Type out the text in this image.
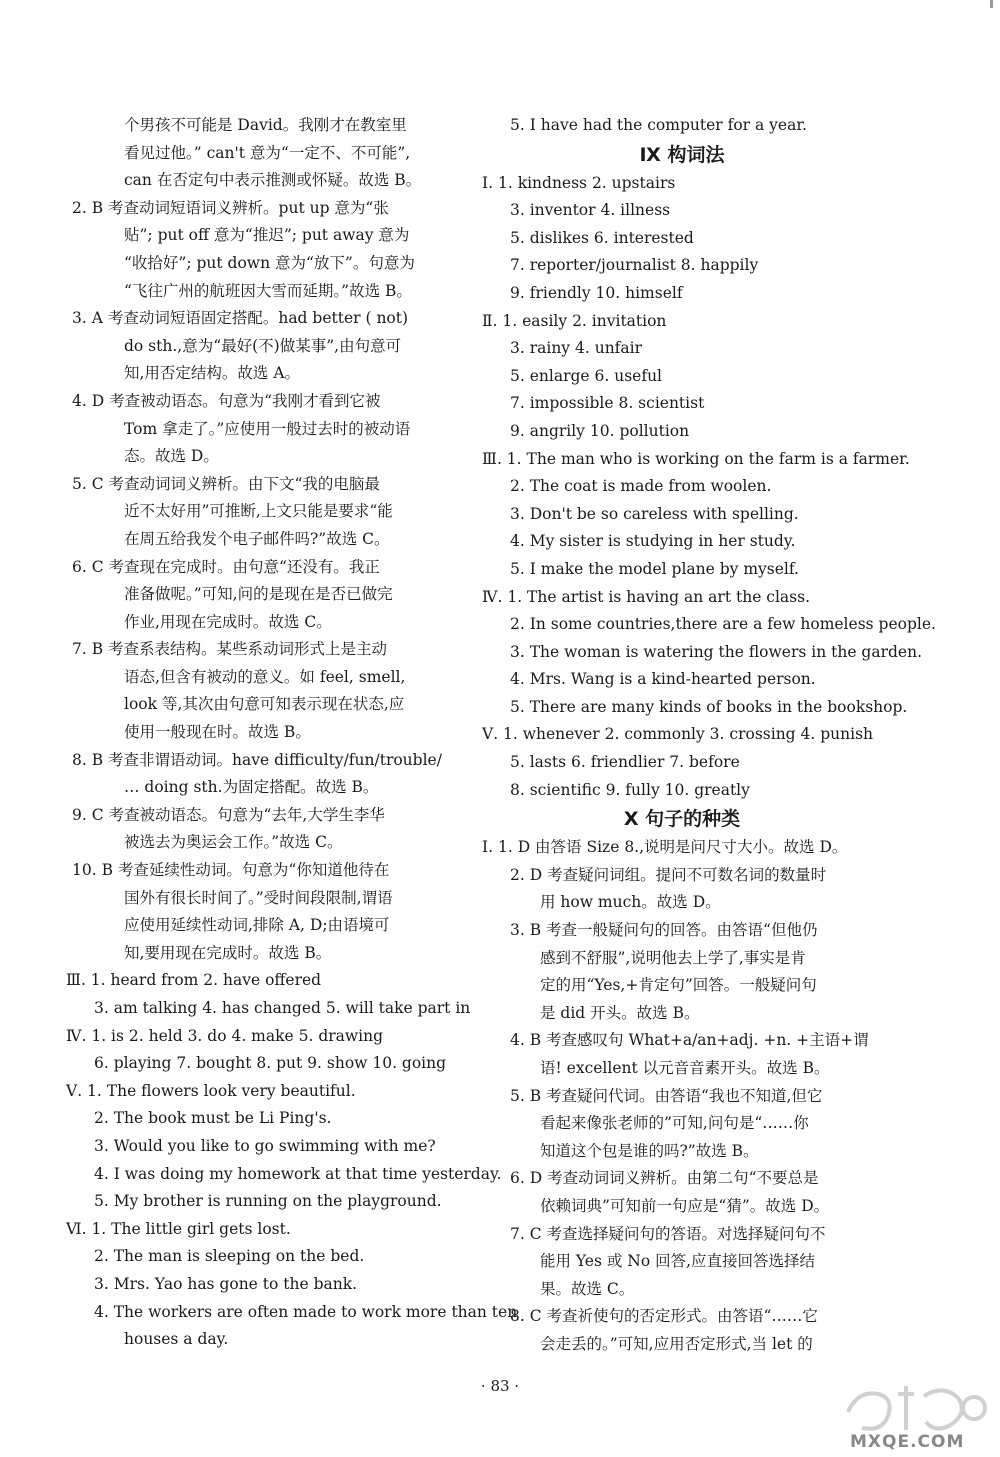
个男孩不可能是 David。我刚才在教室里
看见过他。” can't 意为“一定不、不可能”,
can 在否定句中表示推测或怀疑。故选 B。
2. B 考查动词短语词义辨析。put up 意为“张
贴”; put off 意为“推迟”; put away 意为
“收拾好”; put down 意为“放下”。句意为
“飞往广州的航班因大雪而延期。”故选 B。
3. A 考查动词短语固定搭配。had better ( not)
do sth.,意为“最好(不)做某事”,由句意可
知,用否定结构。故选 A。
4. D 考查被动语态。句意为“我刚才看到它被
Tom 拿走了。”应使用一般过去时的被动语
态。故选 D。
5. C 考查动词词义辨析。由下文“我的电脑最
近不太好用”可推断,上文只能是要求“能
在周五给我发个电子邮件吗?”故选 C。
6. C 考查现在完成时。由句意“还没有。我正
准备做呢。”可知,问的是现在是否已做完
作业,用现在完成时。故选 C。
7. B 考查系表结构。某些系动词形式上是主动
语态,但含有被动的意义。如 feel, smell,
look 等,其次由句意可知表示现在状态,应
使用一般现在时。故选 B。
8. B 考查非谓语动词。have difficulty/fun/trouble/
… doing sth.为固定搭配。故选 B。
9. C 考查被动语态。句意为“去年,大学生李华
被选去为奥运会工作。”故选 C。
10. B 考查延续性动词。句意为“你知道他待在
国外有很长时间了。”受时间段限制,谓语
应使用延续性动词,排除 A, D;由语境可
知,要用现在完成时。故选 B。
Ⅲ. 1. heard from 2. have offered
3. am talking 4. has changed 5. will take part in
Ⅳ. 1. is 2. held 3. do 4. make 5. drawing
6. playing 7. bought 8. put 9. show 10. going
Ⅴ. 1. The flowers look very beautiful.
2. The book must be Li Ping's.
3. Would you like to go swimming with me?
4. I was doing my homework at that time yesterday.
5. My brother is running on the playground.
Ⅵ. 1. The little girl gets lost.
2. The man is sleeping on the bed.
3. Mrs. Yao has gone to the bank.
4. The workers are often made to work more than ten
houses a day.
5. I have had the computer for a year.
Ⅸ 构词法
Ⅰ. 1. kindness 2. upstairs
3. inventor 4. illness
5. dislikes 6. interested
7. reporter/journalist 8. happily
9. friendly 10. himself
Ⅱ. 1. easily 2. invitation
3. rainy 4. unfair
5. enlarge 6. useful
7. impossible 8. scientist
9. angrily 10. pollution
Ⅲ. 1. The man who is working on the farm is a farmer.
2. The coat is made from woolen.
3. Don't be so careless with spelling.
4. My sister is studying in her study.
5. I make the model plane by myself.
Ⅳ. 1. The artist is having an art the class.
2. In some countries,there are a few homeless people.
3. The woman is watering the flowers in the garden.
4. Mrs. Wang is a kind-hearted person.
5. There are many kinds of books in the bookshop.
Ⅴ. 1. whenever 2. commonly 3. crossing 4. punish
5. lasts 6. friendlier 7. before
8. scientific 9. fully 10. greatly
Ⅹ 句子的种类
Ⅰ. 1. D 由答语 Size 8.,说明是问尺寸大小。故选 D。
2. D 考查疑问词组。提问不可数名词的数量时
用 how much。故选 D。
3. B 考查一般疑问句的回答。由答语“但他仍
感到不舒服”,说明他去上学了,事实是肯
定的用“Yes,+肯定句”回答。一般疑问句
是 did 开头。故选 B。
4. B 考查感叹句 What+a/an+adj. +n. +主语+谓
语! excellent 以元音音素开头。故选 B。
5. B 考查疑问代词。由答语“我也不知道,但它
看起来像张老师的”可知,问句是“……你
知道这个包是谁的吗?”故选 B。
6. D 考查动词词义辨析。由第二句“不要总是
依赖词典”可知前一句应是“猜”。故选 D。
7. C 考查选择疑问句的答语。对选择疑问句不
能用 Yes 或 No 回答,应直接回答选择结
果。故选 C。
8. C 考查祈使句的否定形式。由答语“……它
会走丢的。”可知,应用否定形式,当 let 的
· 83 ·
MXQE.COM
